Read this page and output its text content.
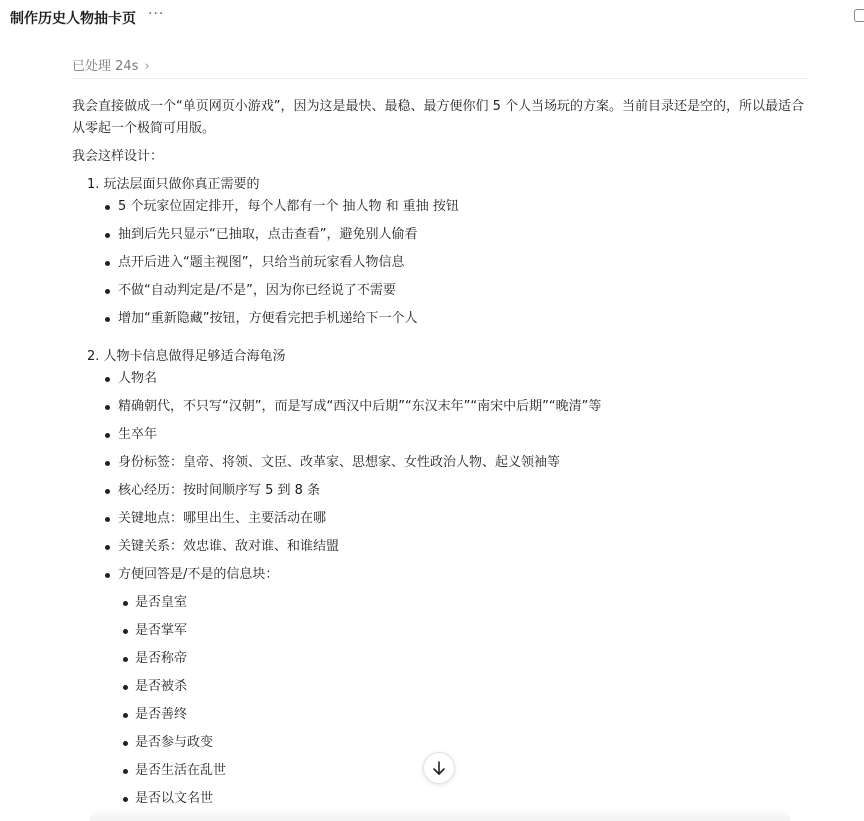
制作历史人物抽卡页 ···
已处理 24s ›

我会直接做成一个“单页网页小游戏”，因为这是最快、最稳、最方便你们 5 个人当场玩的方案。当前目录还是空的，所以最适合从零起一个极简可用版。

我会这样设计：

1. 玩法层面只做你真正需要的
5 个玩家位固定排开，每个人都有一个 抽人物 和 重抽 按钮
抽到后先只显示“已抽取，点击查看”，避免别人偷看
点开后进入“题主视图”，只给当前玩家看人物信息
不做“自动判定是/不是”，因为你已经说了不需要
增加“重新隐藏”按钮，方便看完把手机递给下一个人
2. 人物卡信息做得足够适合海龟汤
人物名
精确朝代，不只写“汉朝”，而是写成“西汉中后期”“东汉末年”“南宋中后期”“晚清”等
生卒年
身份标签：皇帝、将领、文臣、改革家、思想家、女性政治人物、起义领袖等
核心经历：按时间顺序写 5 到 8 条
关键地点：哪里出生、主要活动在哪
关键关系：效忠谁、敌对谁、和谁结盟
方便回答是/不是的信息块：
是否皇室
是否掌军
是否称帝
是否被杀
是否善终
是否参与政变
是否生活在乱世
是否以文名世
